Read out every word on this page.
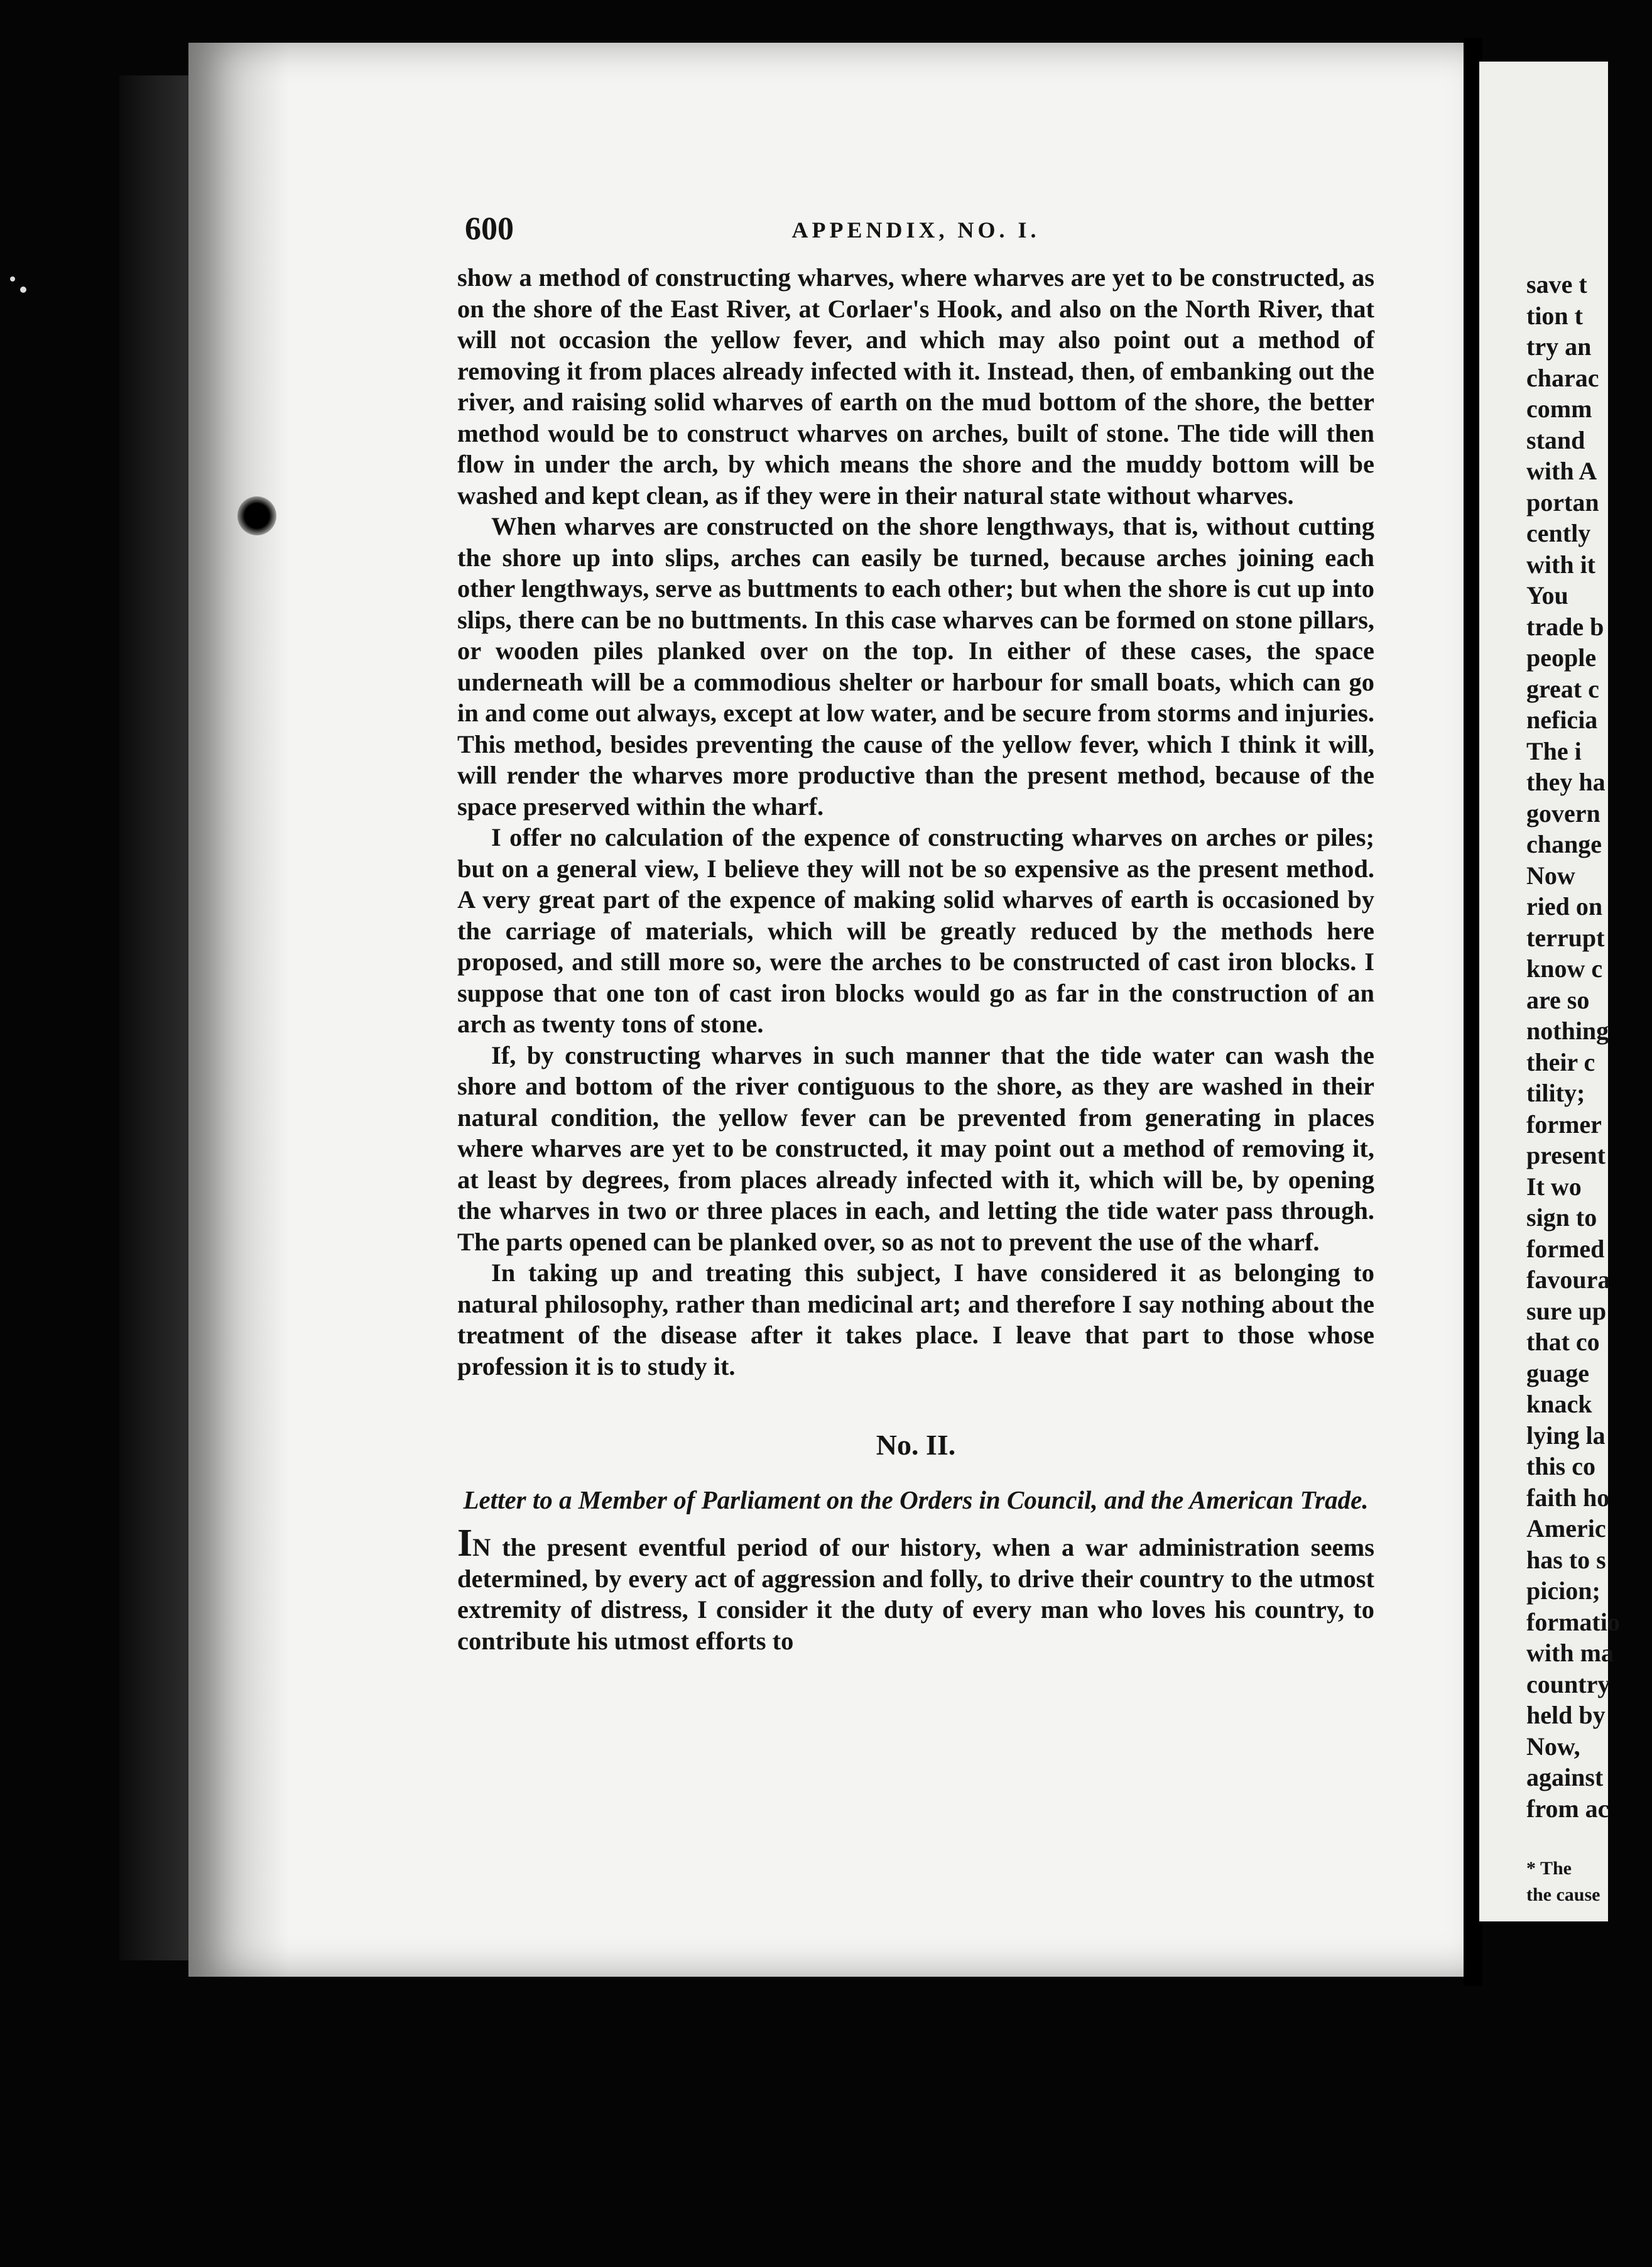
600	APPENDIX, NO. I.

show a method of constructing wharves, where wharves are yet to be constructed, as on the shore of the East River, at Corlaer's Hook, and also on the North River, that will not occasion the yellow fever, and which may also point out a method of removing it from places already infected with it. Instead, then, of embanking out the river, and raising solid wharves of earth on the mud bottom of the shore, the better method would be to construct wharves on arches, built of stone. The tide will then flow in under the arch, by which means the shore and the muddy bottom will be washed and kept clean, as if they were in their natural state without wharves.

When wharves are constructed on the shore lengthways, that is, without cutting the shore up into slips, arches can easily be turned, because arches joining each other lengthways, serve as buttments to each other; but when the shore is cut up into slips, there can be no buttments. In this case wharves can be formed on stone pillars, or wooden piles planked over on the top. In either of these cases, the space underneath will be a commodious shelter or harbour for small boats, which can go in and come out always, except at low water, and be secure from storms and injuries. This method, besides preventing the cause of the yellow fever, which I think it will, will render the wharves more productive than the present method, because of the space preserved within the wharf.

I offer no calculation of the expence of constructing wharves on arches or piles; but on a general view, I believe they will not be so expensive as the present method. A very great part of the expence of making solid wharves of earth is occasioned by the carriage of materials, which will be greatly reduced by the methods here proposed, and still more so, were the arches to be constructed of cast iron blocks. I suppose that one ton of cast iron blocks would go as far in the construction of an arch as twenty tons of stone.

If, by constructing wharves in such manner that the tide water can wash the shore and bottom of the river contiguous to the shore, as they are washed in their natural condition, the yellow fever can be prevented from generating in places where wharves are yet to be constructed, it may point out a method of removing it, at least by degrees, from places already infected with it, which will be, by opening the wharves in two or three places in each, and letting the tide water pass through. The parts opened can be planked over, so as not to prevent the use of the wharf.

In taking up and treating this subject, I have considered it as belonging to natural philosophy, rather than medicinal art; and therefore I say nothing about the treatment of the disease after it takes place. I leave that part to those whose profession it is to study it.

No. II.
Letter to a Member of Parliament on the Orders in Council, and the American Trade.

IN the present eventful period of our history, when a war administration seems determined, by every act of aggression and folly, to drive their country to the utmost extremity of distress, I consider it the duty of every man who loves his country, to contribute his utmost efforts to

save t
tion t
try an
charac
comm
stand
with A
portan
cently
with it
You
trade b
people
great c
neficia
The i
they ha
govern
change
Now
ried on
terrupt
know c
are so
nothing
their c
tility;
former
present
It wo
sign to
formed
favoura
sure up
that co
guage
knack
lying la
this co
faith ho
Americ
has to s
picion;
formatio
with ma
country
held by
Now,
against
from ac
* The
the cause
